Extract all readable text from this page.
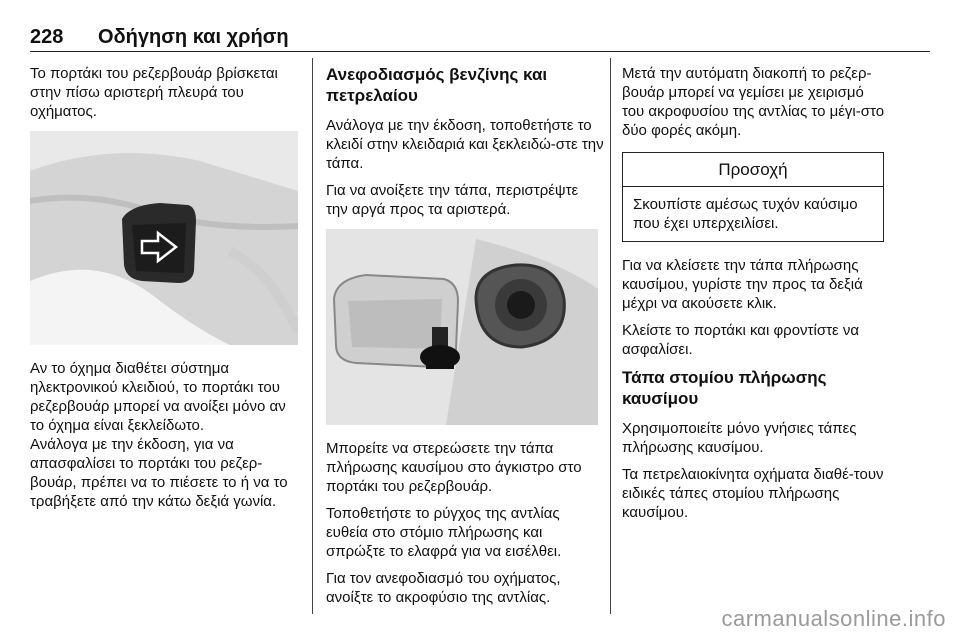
228 Οδήγηση και χρήση

Το πορτάκι του ρεζερβουάρ βρίσκεται στην πίσω αριστερή πλευρά του οχήματος.

Αν το όχημα διαθέτει σύστημα ηλεκτρονικού κλειδιού, το πορτάκι του ρεζερβουάρ μπορεί να ανοίξει μόνο αν το όχημα είναι ξεκλείδωτο.

Ανάλογα με την έκδοση, για να απασφαλίσει το πορτάκι του ρεζερ-βουάρ, πρέπει να το πιέσετε το ή να το τραβήξετε από την κάτω δεξιά γωνία.

Ανεφοδιασμός βενζίνης και πετρελαίου

Ανάλογα με την έκδοση, τοποθετήστε το κλειδί στην κλειδαριά και ξεκλειδώ-στε την τάπα.

Για να ανοίξετε την τάπα, περιστρέψτε την αργά προς τα αριστερά.

Μπορείτε να στερεώσετε την τάπα πλήρωσης καυσίμου στο άγκιστρο στο πορτάκι του ρεζερβουάρ.

Τοποθετήστε το ρύγχος της αντλίας ευθεία στο στόμιο πλήρωσης και σπρώξτε το ελαφρά για να εισέλθει.

Για τον ανεφοδιασμό του οχήματος, ανοίξτε το ακροφύσιο της αντλίας.

Μετά την αυτόματη διακοπή το ρεζερ-βουάρ μπορεί να γεμίσει με χειρισμό του ακροφυσίου της αντλίας το μέγι-στο δύο φορές ακόμη.

Προσοχή
Σκουπίστε αμέσως τυχόν καύσιμο που έχει υπερχειλίσει.

Για να κλείσετε την τάπα πλήρωσης καυσίμου, γυρίστε την προς τα δεξιά μέχρι να ακούσετε κλικ.

Κλείστε το πορτάκι και φροντίστε να ασφαλίσει.

Τάπα στομίου πλήρωσης καυσίμου

Χρησιμοποιείτε μόνο γνήσιες τάπες πλήρωσης καυσίμου.

Τα πετρελαιοκίνητα οχήματα διαθέ-τουν ειδικές τάπες στομίου πλήρωσης καυσίμου.

carmanualsonline.info
